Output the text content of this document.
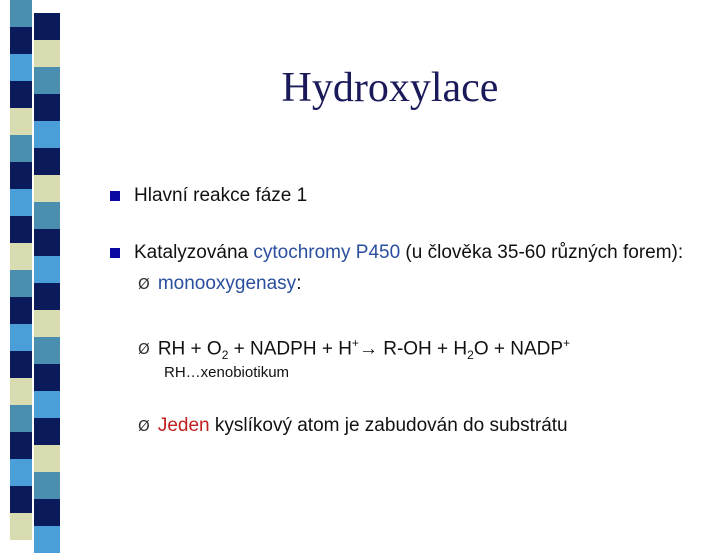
Hydroxylace
Hlavní reakce fáze 1
Katalyzována cytochromy P450 (u člověka 35-60 různých forem):
Ø monooxygenasy:
Ø RH + $O_2$ + NADPH + $H^+\to R-OH + H_2O$ + NADP+
RH…xenobiotikum
Ø Jeden kyslíkový atom je zabudován do substrátu
